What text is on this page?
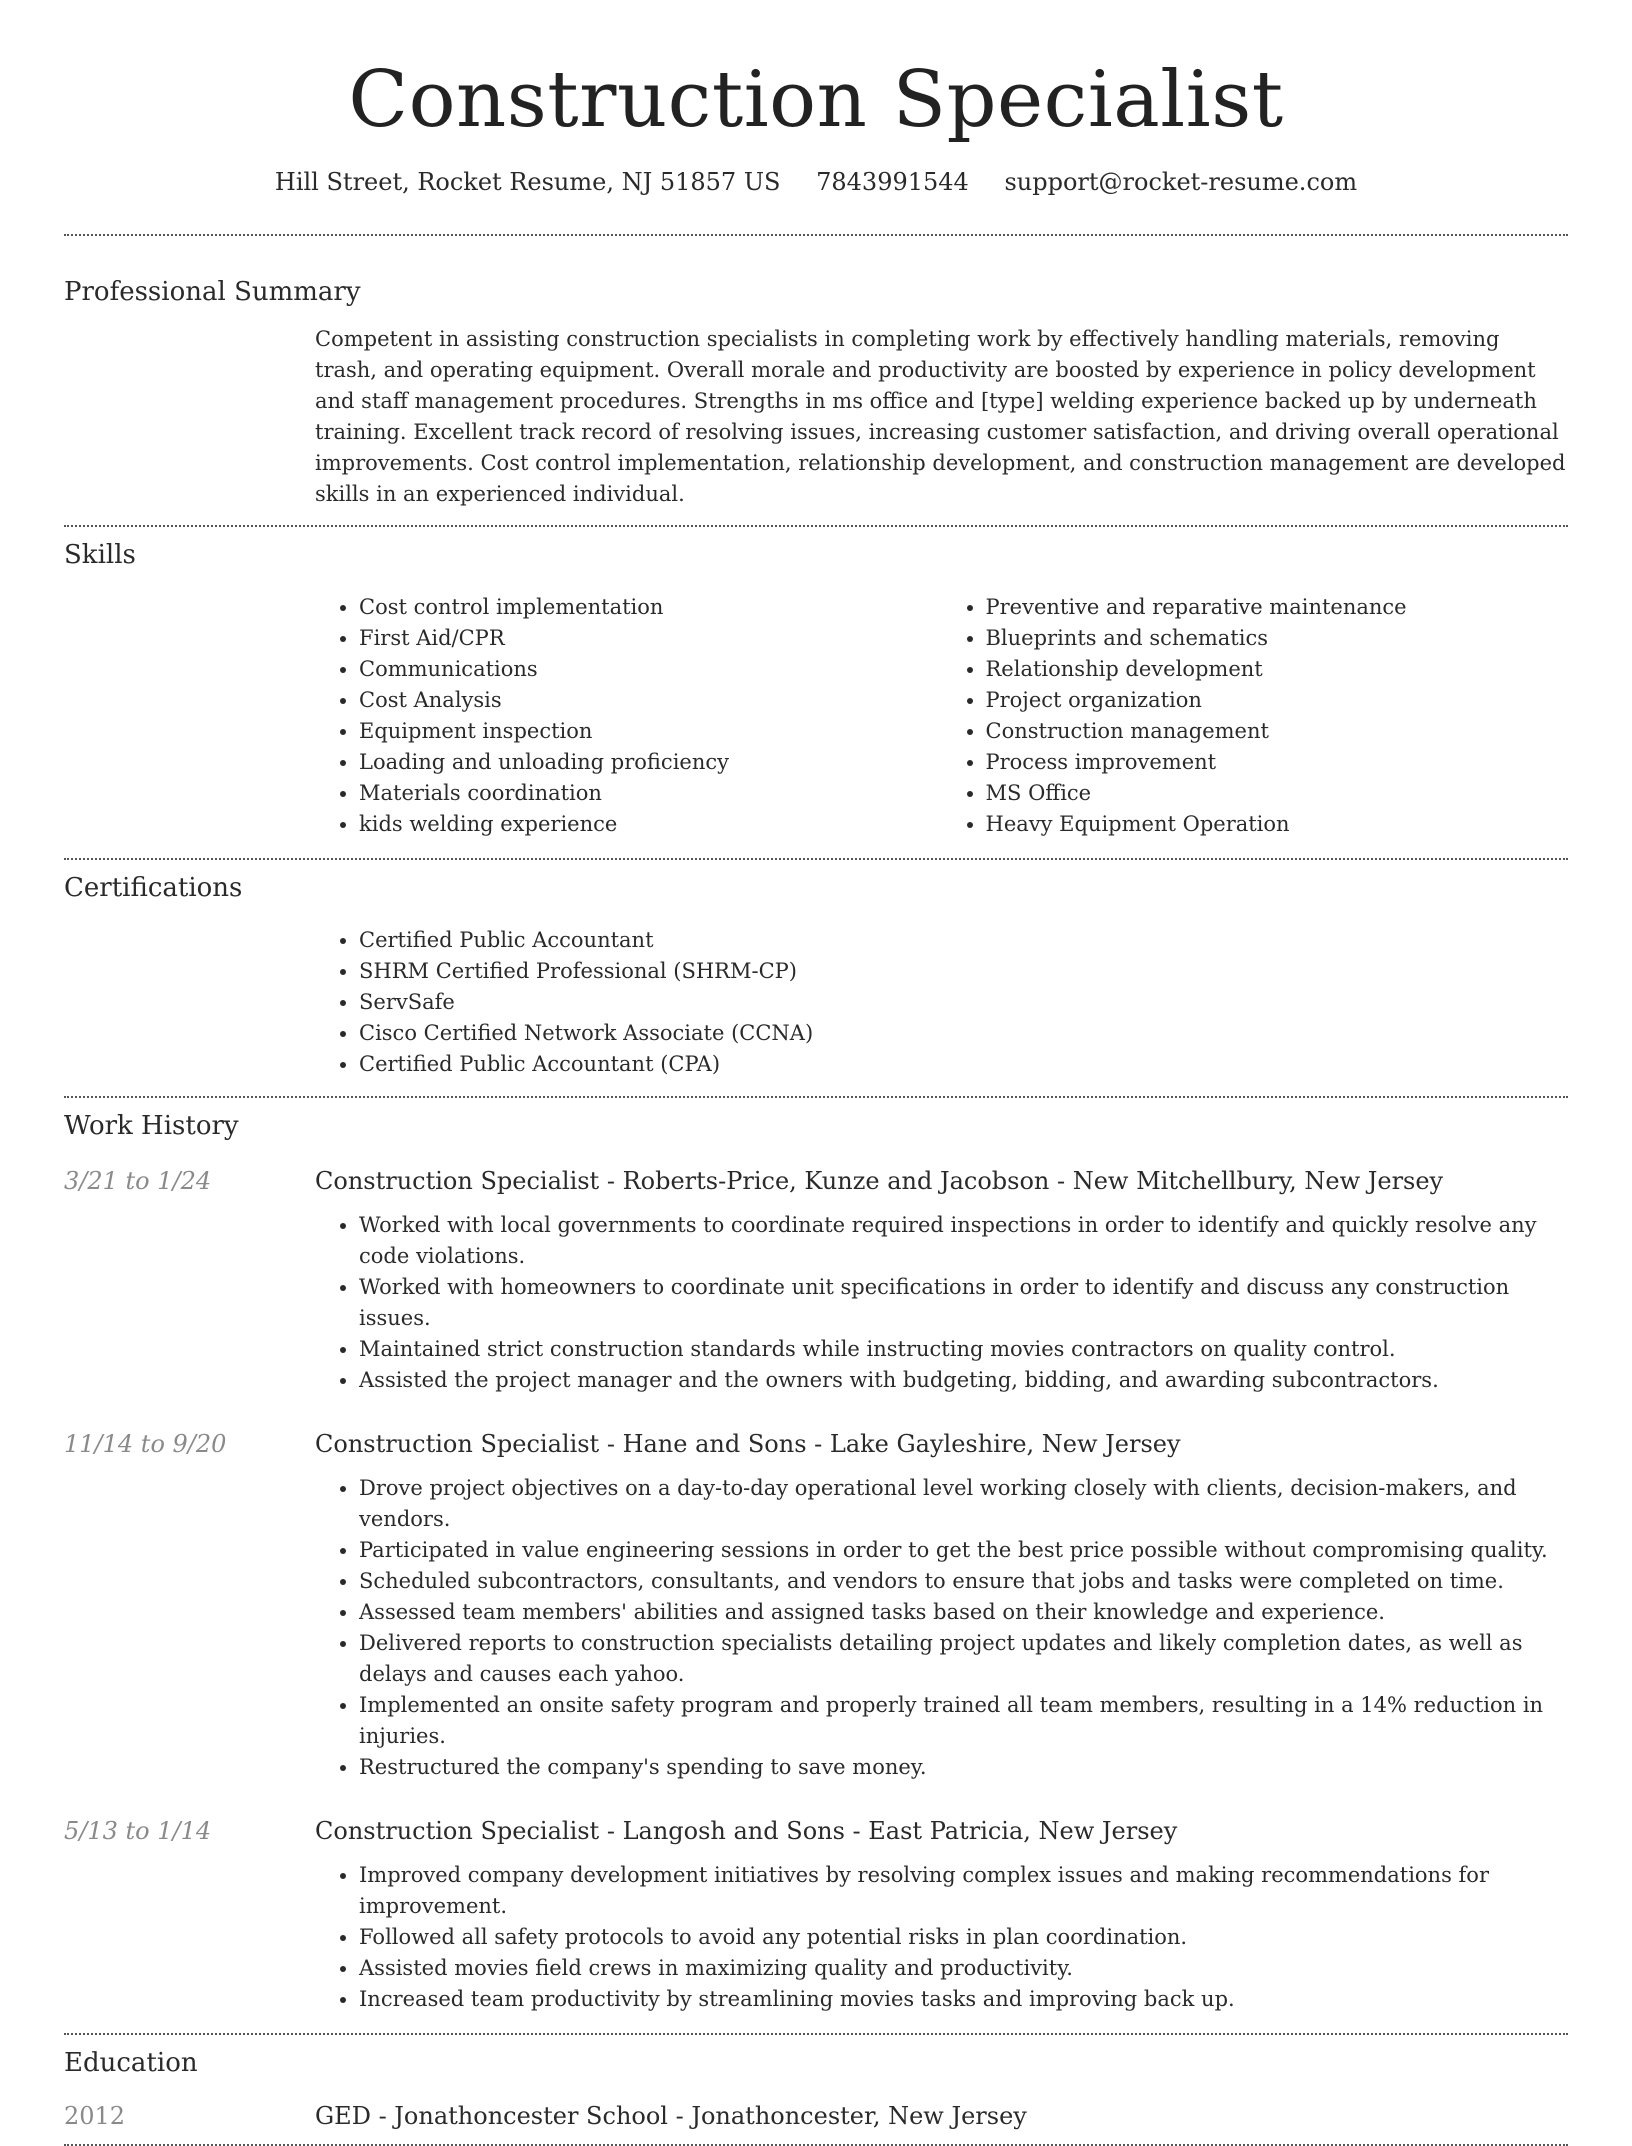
Construction Specialist
Hill Street, Rocket Resume, NJ 51857 US 7843991544 support@rocket-resume.com
Professional Summary
Competent in assisting construction specialists in completing work by effectively handling materials, removing trash, and operating equipment. Overall morale and productivity are boosted by experience in policy development and staff management procedures. Strengths in ms office and [type] welding experience backed up by underneath training. Excellent track record of resolving issues, increasing customer satisfaction, and driving overall operational improvements. Cost control implementation, relationship development, and construction management are developed skills in an experienced individual.
Skills
• Cost control implementation
• First Aid/CPR
• Communications
• Cost Analysis
• Equipment inspection
• Loading and unloading proficiency
• Materials coordination
• kids welding experience
• Preventive and reparative maintenance
• Blueprints and schematics
• Relationship development
• Project organization
• Construction management
• Process improvement
• MS Office
• Heavy Equipment Operation
Certifications
• Certified Public Accountant
• SHRM Certified Professional (SHRM-CP)
• ServSafe
• Cisco Certified Network Associate (CCNA)
• Certified Public Accountant (CPA)
Work History
3/21 to 1/24	Construction Specialist - Roberts-Price, Kunze and Jacobson - New Mitchellbury, New Jersey
• Worked with local governments to coordinate required inspections in order to identify and quickly resolve any code violations.
• Worked with homeowners to coordinate unit specifications in order to identify and discuss any construction issues.
• Maintained strict construction standards while instructing movies contractors on quality control.
• Assisted the project manager and the owners with budgeting, bidding, and awarding subcontractors.
11/14 to 9/20	Construction Specialist - Hane and Sons - Lake Gayleshire, New Jersey
• Drove project objectives on a day-to-day operational level working closely with clients, decision-makers, and vendors.
• Participated in value engineering sessions in order to get the best price possible without compromising quality.
• Scheduled subcontractors, consultants, and vendors to ensure that jobs and tasks were completed on time.
• Assessed team members' abilities and assigned tasks based on their knowledge and experience.
• Delivered reports to construction specialists detailing project updates and likely completion dates, as well as delays and causes each yahoo.
• Implemented an onsite safety program and properly trained all team members, resulting in a 14% reduction in injuries.
• Restructured the company's spending to save money.
5/13 to 1/14	Construction Specialist - Langosh and Sons - East Patricia, New Jersey
• Improved company development initiatives by resolving complex issues and making recommendations for improvement.
• Followed all safety protocols to avoid any potential risks in plan coordination.
• Assisted movies field crews in maximizing quality and productivity.
• Increased team productivity by streamlining movies tasks and improving back up.
Education
2012	GED - Jonathoncester School - Jonathoncester, New Jersey
